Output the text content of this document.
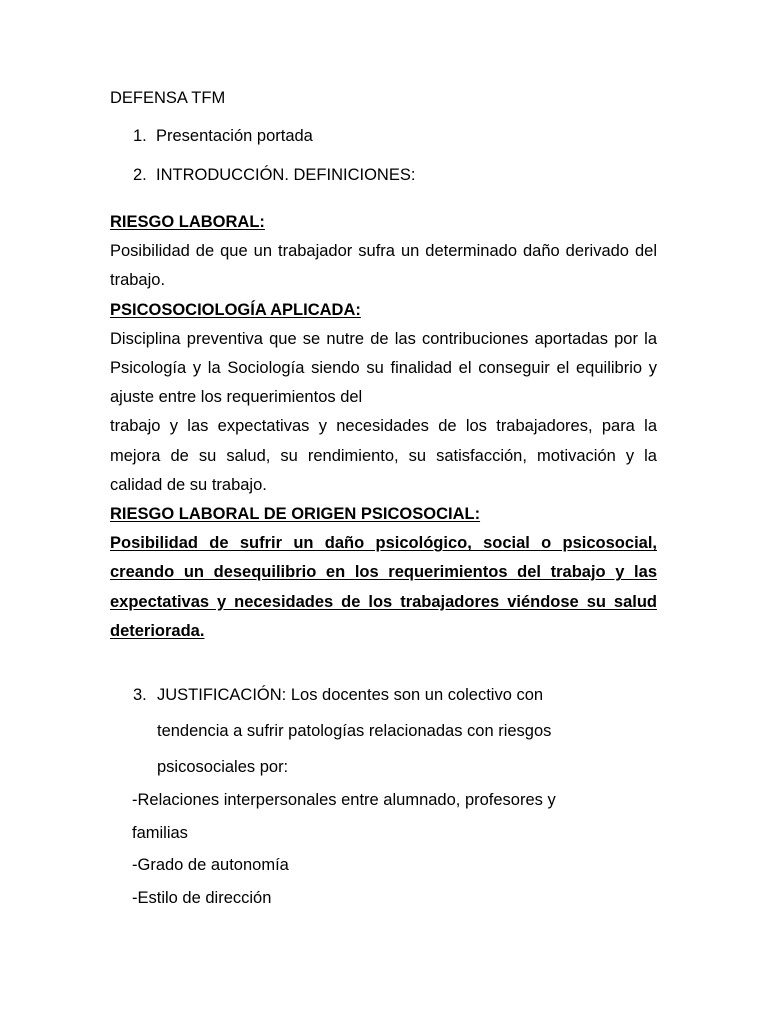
DEFENSA TFM
1. Presentación portada
2. INTRODUCCIÓN. DEFINICIONES:

RIESGO LABORAL:

Posibilidad de que un trabajador sufra un determinado daño derivado del trabajo.

PSICOSOCIOLOGÍA APLICADA:

Disciplina preventiva que se nutre de las contribuciones aportadas por la Psicología y la Sociología siendo su finalidad el conseguir el equilibrio y ajuste entre los requerimientos del

trabajo y las expectativas y necesidades de los trabajadores, para la mejora de su salud, su rendimiento, su satisfacción, motivación y la calidad de su trabajo.

RIESGO LABORAL DE ORIGEN PSICOSOCIAL:

Posibilidad de sufrir un daño psicológico, social o psicosocial, creando un desequilibrio en los requerimientos del trabajo y las expectativas y necesidades de los trabajadores viéndose su salud deteriorada.

3. JUSTIFICACIÓN: Los docentes son un colectivo con
tendencia a sufrir patologías relacionadas con riesgos
psicosociales por:
-Relaciones interpersonales entre alumnado, profesores y
familias
-Grado de autonomía
-Estilo de dirección
